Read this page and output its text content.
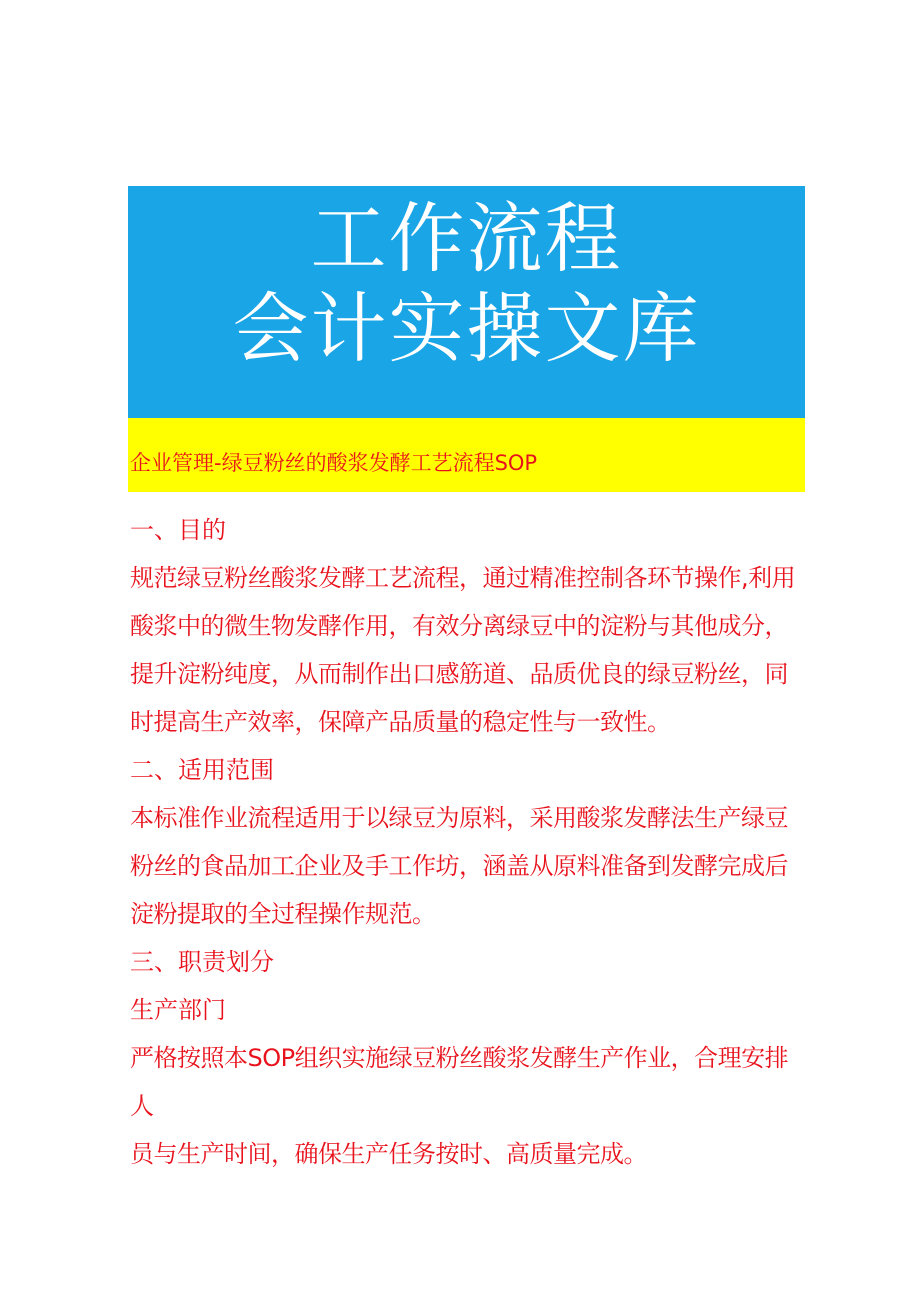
工作流程
会计实操文库
企业管理-绿豆粉丝的酸浆发酵工艺流程SOP

一、目的

规范绿豆粉丝酸浆发酵工艺流程，通过精准控制各环节操作,利用

酸浆中的微生物发酵作用，有效分离绿豆中的淀粉与其他成分，

提升淀粉纯度，从而制作出口感筋道、品质优良的绿豆粉丝，同

时提高生产效率，保障产品质量的稳定性与一致性。

二、适用范围

本标准作业流程适用于以绿豆为原料，采用酸浆发酵法生产绿豆

粉丝的食品加工企业及手工作坊，涵盖从原料准备到发酵完成后

淀粉提取的全过程操作规范。

三、职责划分

生产部门

严格按照本SOP组织实施绿豆粉丝酸浆发酵生产作业，合理安排人

员与生产时间，确保生产任务按时、高质量完成。
